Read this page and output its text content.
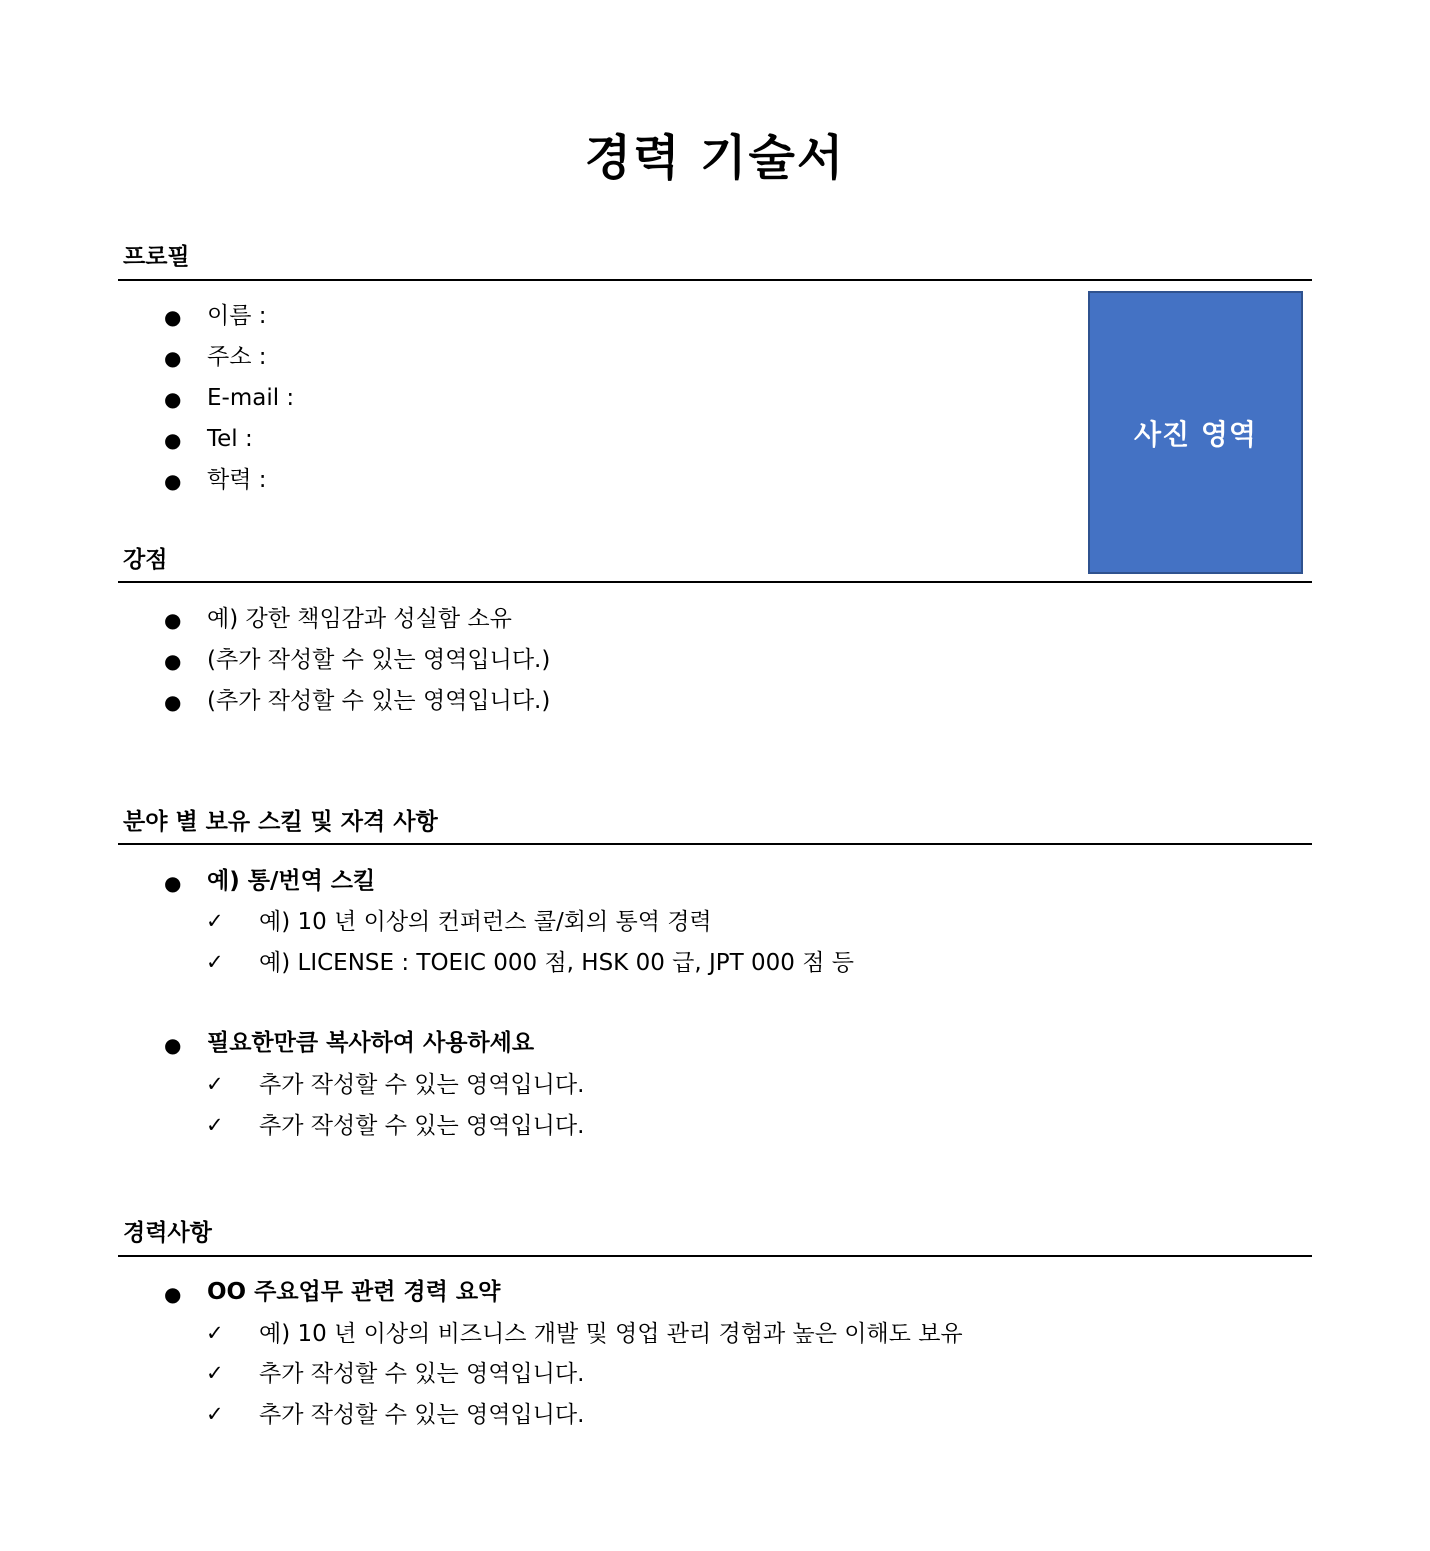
경력 기술서
프로필
● 이름 :
● 주소 :
● E-mail :
● Tel :
● 학력 :
사진 영역
강점
● 예) 강한 책임감과 성실함 소유
● (추가 작성할 수 있는 영역입니다.)
● (추가 작성할 수 있는 영역입니다.)
분야 별 보유 스킬 및 자격 사항
● 예) 통/번역 스킬
✓ 예) 10 년 이상의 컨퍼런스 콜/회의 통역 경력
✓ 예) LICENSE : TOEIC 000 점, HSK 00 급, JPT 000 점 등
● 필요한만큼 복사하여 사용하세요
✓ 추가 작성할 수 있는 영역입니다.
✓ 추가 작성할 수 있는 영역입니다.
경력사항
● OO 주요업무 관련 경력 요약
✓ 예) 10 년 이상의 비즈니스 개발 및 영업 관리 경험과 높은 이해도 보유
✓ 추가 작성할 수 있는 영역입니다.
✓ 추가 작성할 수 있는 영역입니다.
